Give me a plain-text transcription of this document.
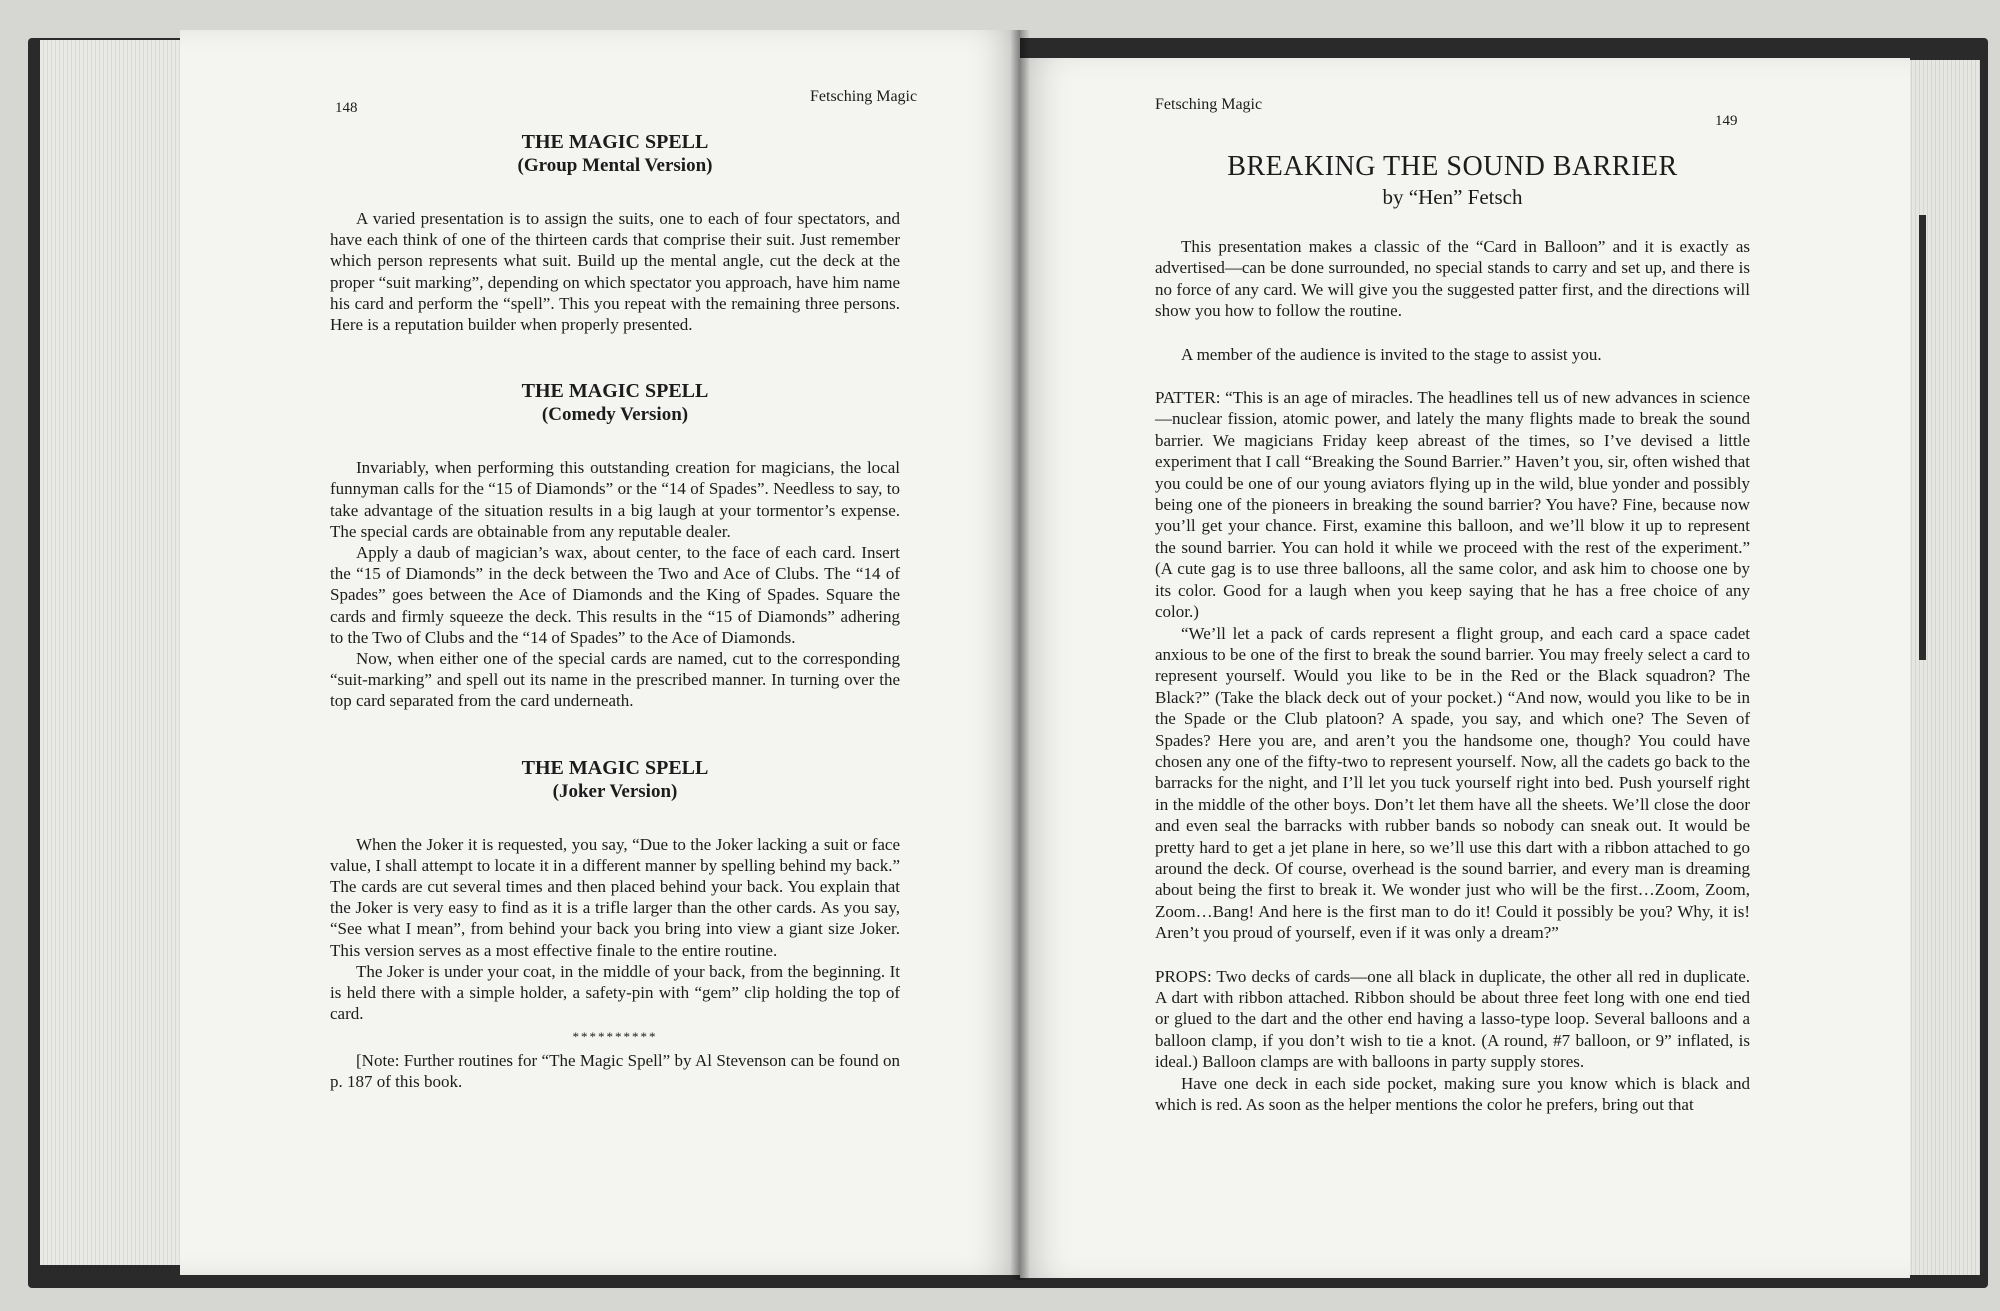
148
Fetsching Magic
THE MAGIC SPELL
(Group Mental Version)

A varied presentation is to assign the suits, one to each of four spectators, and have each think of one of the thirteen cards that comprise their suit. Just remember which person represents what suit. Build up the mental angle, cut the deck at the proper “suit marking”, depending on which spectator you approach, have him name his card and perform the “spell”. This you repeat with the remaining three persons. Here is a reputation builder when properly presented.

THE MAGIC SPELL
(Comedy Version)

Invariably, when performing this outstanding creation for magicians, the local funnyman calls for the “15 of Diamonds” or the “14 of Spades”. Needless to say, to take advantage of the situation results in a big laugh at your tormentor’s expense. The special cards are obtainable from any reputable dealer.

Apply a daub of magician’s wax, about center, to the face of each card. Insert the “15 of Diamonds” in the deck between the Two and Ace of Clubs. The “14 of Spades” goes between the Ace of Diamonds and the King of Spades. Square the cards and firmly squeeze the deck. This results in the “15 of Diamonds” adhering to the Two of Clubs and the “14 of Spades” to the Ace of Diamonds.

Now, when either one of the special cards are named, cut to the corresponding “suit-marking” and spell out its name in the prescribed manner. In turning over the top card separated from the card underneath.

THE MAGIC SPELL
(Joker Version)

When the Joker it is requested, you say, “Due to the Joker lacking a suit or face value, I shall attempt to locate it in a different manner by spelling behind my back.” The cards are cut several times and then placed behind your back. You explain that the Joker is very easy to find as it is a trifle larger than the other cards. As you say, “See what I mean”, from behind your back you bring into view a giant size Joker. This version serves as a most effective finale to the entire routine.

The Joker is under your coat, in the middle of your back, from the beginning. It is held there with a simple holder, a safety-pin with “gem” clip holding the top of card.

**********

[Note: Further routines for “The Magic Spell” by Al Stevenson can be found on p. 187 of this book.

Fetsching Magic
149
BREAKING THE SOUND BARRIER
by “Hen” Fetsch

This presentation makes a classic of the “Card in Balloon” and it is exactly as advertised—can be done surrounded, no special stands to carry and set up, and there is no force of any card. We will give you the suggested patter first, and the directions will show you how to follow the routine.

A member of the audience is invited to the stage to assist you.

PATTER: “This is an age of miracles. The headlines tell us of new advances in science—nuclear fission, atomic power, and lately the many flights made to break the sound barrier. We magicians Friday keep abreast of the times, so I’ve devised a little experiment that I call “Breaking the Sound Barrier.” Haven’t you, sir, often wished that you could be one of our young aviators flying up in the wild, blue yonder and possibly being one of the pioneers in breaking the sound barrier? You have? Fine, because now you’ll get your chance. First, examine this balloon, and we’ll blow it up to represent the sound barrier. You can hold it while we proceed with the rest of the experiment.” (A cute gag is to use three balloons, all the same color, and ask him to choose one by its color. Good for a laugh when you keep saying that he has a free choice of any color.)

“We’ll let a pack of cards represent a flight group, and each card a space cadet anxious to be one of the first to break the sound barrier. You may freely select a card to represent yourself. Would you like to be in the Red or the Black squadron? The Black?” (Take the black deck out of your pocket.) “And now, would you like to be in the Spade or the Club platoon? A spade, you say, and which one? The Seven of Spades? Here you are, and aren’t you the handsome one, though? You could have chosen any one of the fifty-two to represent yourself. Now, all the cadets go back to the barracks for the night, and I’ll let you tuck yourself right into bed. Push yourself right in the middle of the other boys. Don’t let them have all the sheets. We’ll close the door and even seal the barracks with rubber bands so nobody can sneak out. It would be pretty hard to get a jet plane in here, so we’ll use this dart with a ribbon attached to go around the deck. Of course, overhead is the sound barrier, and every man is dreaming about being the first to break it. We wonder just who will be the first…Zoom, Zoom, Zoom…Bang! And here is the first man to do it! Could it possibly be you? Why, it is! Aren’t you proud of yourself, even if it was only a dream?”

PROPS: Two decks of cards—one all black in duplicate, the other all red in duplicate. A dart with ribbon attached. Ribbon should be about three feet long with one end tied or glued to the dart and the other end having a lasso-type loop. Several balloons and a balloon clamp, if you don’t wish to tie a knot. (A round, #7 balloon, or 9” inflated, is ideal.) Balloon clamps are with balloons in party supply stores.

Have one deck in each side pocket, making sure you know which is black and which is red. As soon as the helper mentions the color he prefers, bring out that
